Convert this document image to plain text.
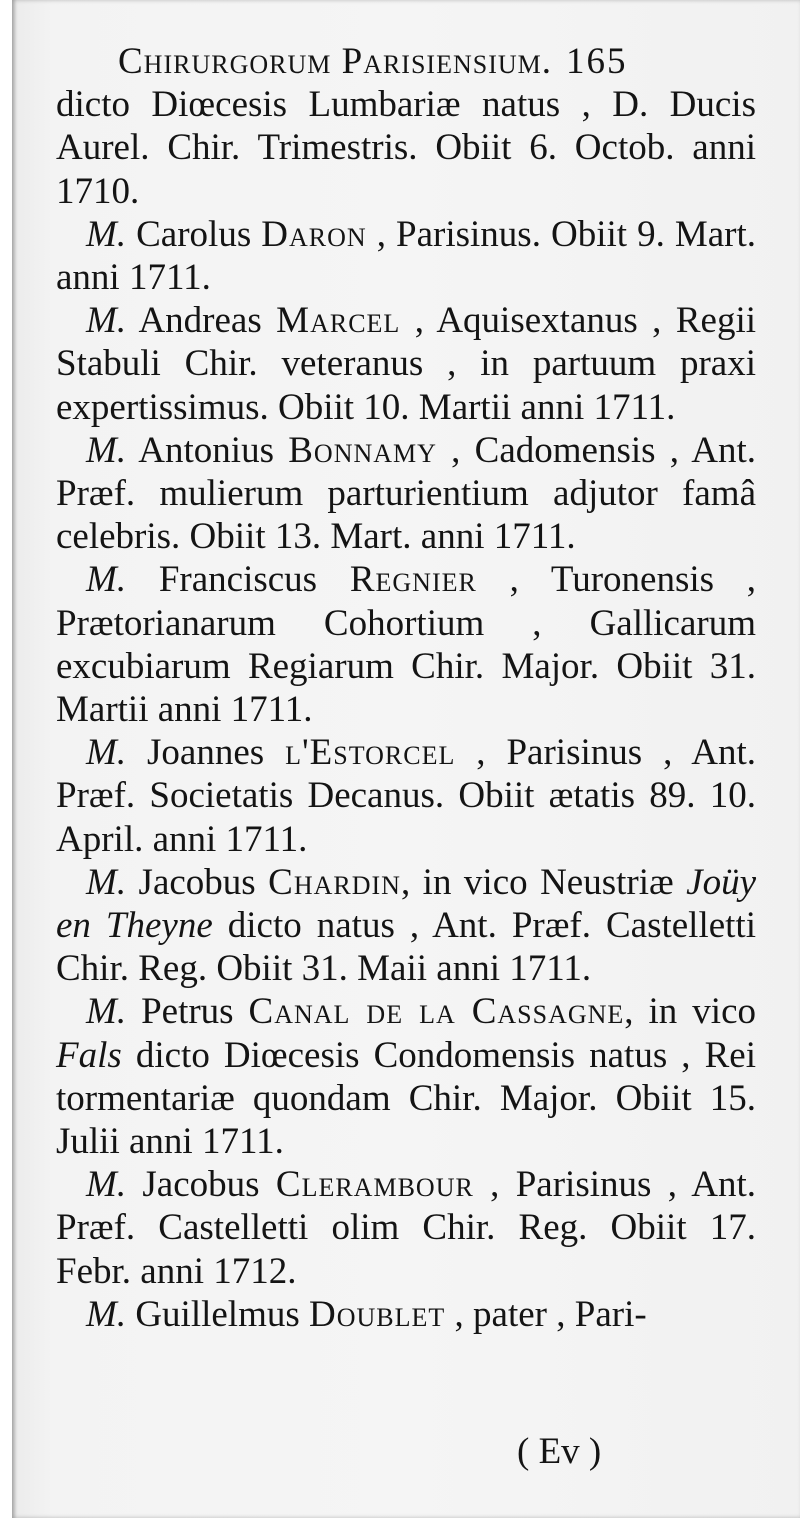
Chirurgorum Parisiensium. 165

dicto Diœcesis Lumbariæ natus , D. Ducis Aurel. Chir. Trimestris. Obiit 6. Octob. anni 1710.

M. Carolus Daron , Parisinus. Obiit 9. Mart. anni 1711.

M. Andreas Marcel , Aquisextanus , Regii Stabuli Chir. veteranus , in partuum praxi expertissimus. Obiit 10. Martii anni 1711.

M. Antonius Bonnamy , Cadomensis , Ant. Præf. mulierum parturientium adjutor famâ celebris. Obiit 13. Mart. anni 1711.

M. Franciscus Regnier , Turonensis , Prætorianarum Cohortium , Gallicarum excubiarum Regiarum Chir. Major. Obiit 31. Martii anni 1711.

M. Joannes l'Estorcel , Parisinus , Ant. Præf. Societatis Decanus. Obiit ætatis 89. 10. April. anni 1711.

M. Jacobus Chardin, in vico Neustriæ Joüy en Theyne dicto natus , Ant. Præf. Castelletti Chir. Reg. Obiit 31. Maii anni 1711.

M. Petrus Canal de la Cassagne, in vico Fals dicto Diœcesis Condomensis natus , Rei tormentariæ quondam Chir. Major. Obiit 15. Julii anni 1711.

M. Jacobus Clerambour , Parisinus , Ant. Præf. Castelletti olim Chir. Reg. Obiit 17. Febr. anni 1712.

M. Guillelmus Doublet , pater , Pari-

( Ev )
